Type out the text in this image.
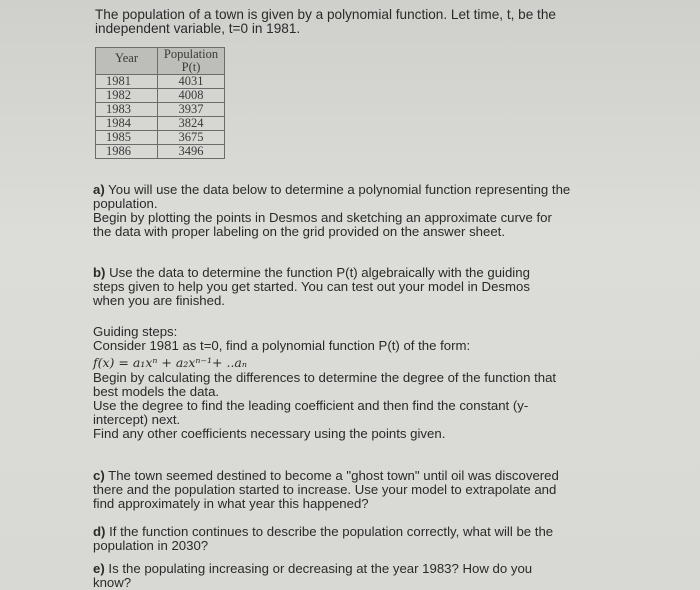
The population of a town is given by a polynomial function. Let time, t, be the independent variable, t=0 in 1981.

Year	Population
P(t)
1981	4031
1982	4008
1983	3937
1984	3824
1985	3675
1986	3496

a) You will use the data below to determine a polynomial function representing the population.

Begin by plotting the points in Desmos and sketching an approximate curve for the data with proper labeling on the grid provided on the answer sheet.

b) Use the data to determine the function P(t) algebraically with the guiding steps given to help you get started. You can test out your model in Desmos when you are finished.

Guiding steps:

Consider 1981 as t=0, find a polynomial function P(t) of the form:

f(x) = a₁xⁿ + a₂xⁿ⁻¹+ ..aₙ

Begin by calculating the differences to determine the degree of the function that best models the data.

Use the degree to find the leading coefficient and then find the constant (y-intercept) next.

Find any other coefficients necessary using the points given.

c) The town seemed destined to become a "ghost town" until oil was discovered there and the population started to increase. Use your model to extrapolate and find approximately in what year this happened?

d) If the function continues to describe the population correctly, what will be the population in 2030?

e) Is the populating increasing or decreasing at the year 1983? How do you know?
